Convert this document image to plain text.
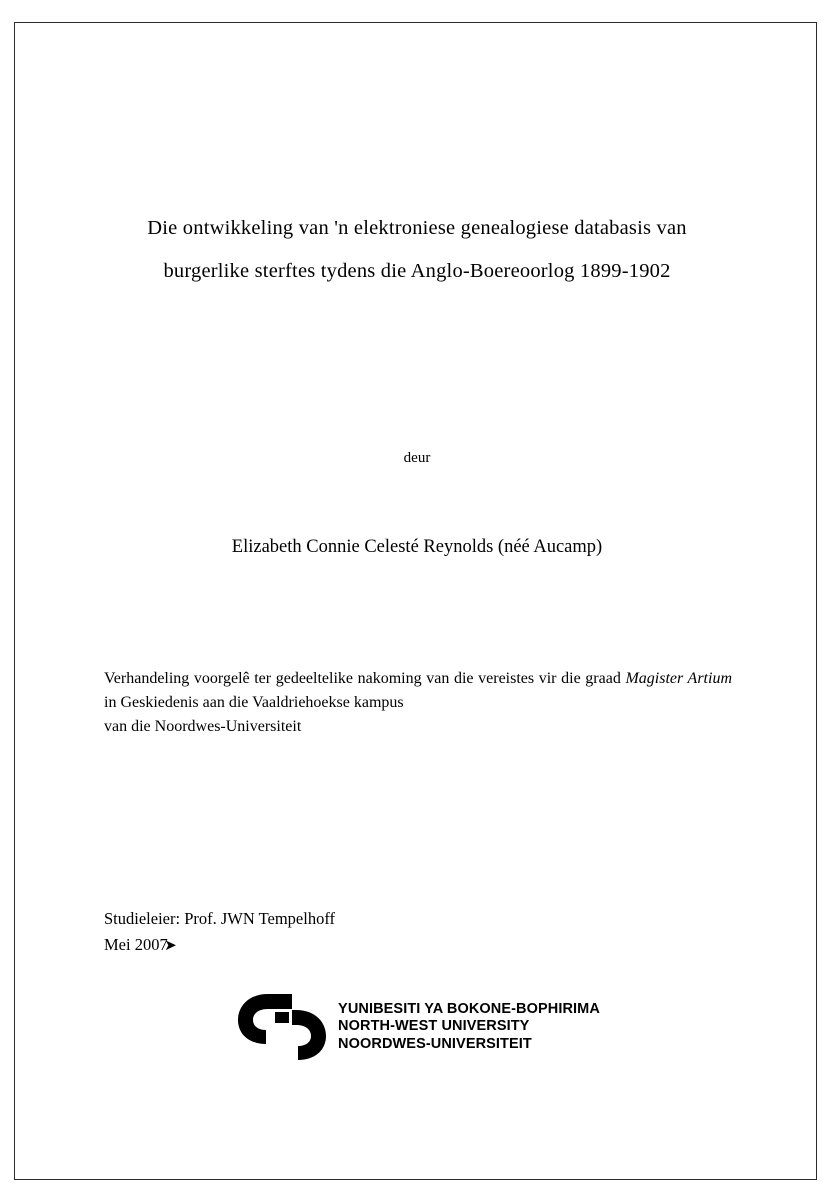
Die ontwikkeling van 'n elektroniese genealogiese databasis van
burgerlike sterftes tydens die Anglo-Boereoorlog 1899-1902
deur
Elizabeth Connie Celesté Reynolds (néé Aucamp)
Verhandeling voorgelê ter gedeeltelike nakoming van die vereistes vir die graad Magister Artium in Geskiedenis aan die Vaaldriehoekse kampus
van die Noordwes-Universiteit
Studieleier: Prof. JWN Tempelhoff
Mei 2007
➤
YUNIBESITI YA BOKONE-BOPHIRIMA
NORTH-WEST UNIVERSITY
NOORDWES-UNIVERSITEIT
